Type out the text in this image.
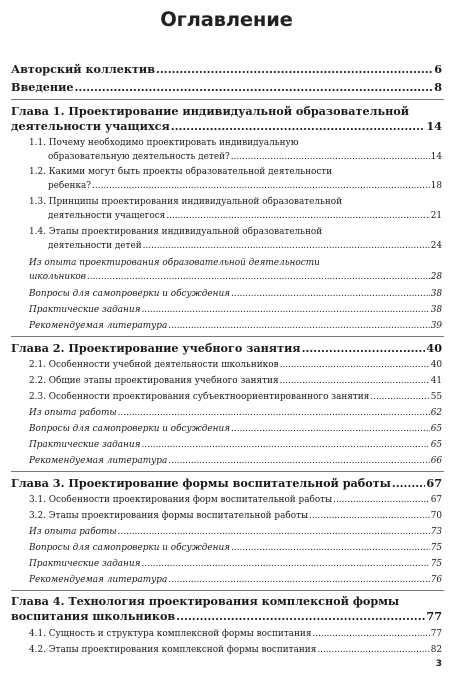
Оглавление
Авторский коллектив .....	6
Введение .....	8
Глава 1. Проектирование индивидуальной образовательной
деятельности учащихся .....	14
1.1. Почему необходимо проектировать индивидуальную
образовательную деятельность детей? .....	14
1.2. Какими могут быть проекты образовательной деятельности
ребенка? .....	18
1.3. Принципы проектирования индивидуальной образовательной
деятельности учащегося .....	21
1.4. Этапы проектирования индивидуальной образовательной
деятельности детей .....	24
Из опыта проектирования образовательной деятельности
школьников .....	28
Вопросы для самопроверки и обсуждения .....	38
Практические задания .....	38
Рекомендуемая литература .....	39
Глава 2. Проектирование учебного занятия .....	40
2.1. Особенности учебной деятельности школьников .....	40
2.2. Общие этапы проектирования учебного занятия .....	41
2.3. Особенности проектирования субъектноориентированного занятия .....	55
Из опыта работы .....	62
Вопросы для самопроверки и обсуждения .....	65
Практические задания .....	65
Рекомендуемая литература .....	66
Глава 3. Проектирование формы воспитательной работы .....	67
3.1. Особенности проектирования форм воспитательной работы .....	67
3.2. Этапы проектирования формы воспитательной работы .....	70
Из опыта работы .....	73
Вопросы для самопроверки и обсуждения .....	75
Практические задания .....	75
Рекомендуемая литература .....	76
Глава 4. Технология проектирования комплексной формы
воспитания школьников .....	77
4.1. Сущность и структура комплексной формы воспитания .....	77
4.2. Этапы проектирования комплексной формы воспитания .....	82
3
